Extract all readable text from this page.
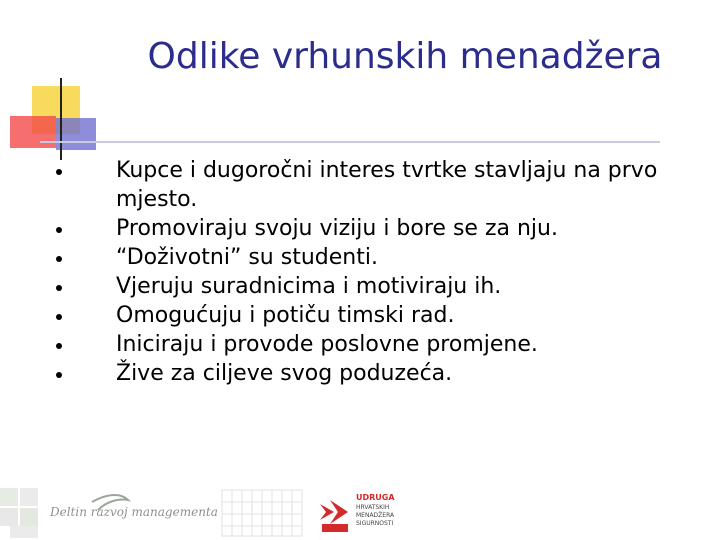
Odlike vrhunskih menadžera
Kupce i dugoročni interes tvrtke stavljaju na prvo mjesto.
Promoviraju svoju viziju i bore se za nju.
“Doživotni” su studenti.
Vjeruju suradnicima i motiviraju ih.
Omogućuju i potiču timski rad.
Iniciraju i provode poslovne promjene.
Žive za ciljeve svog poduzeća.
Deltin razvoj managementa
UDRUGA
HRVATSKIH
MENADŽERA
SIGURNOSTI
